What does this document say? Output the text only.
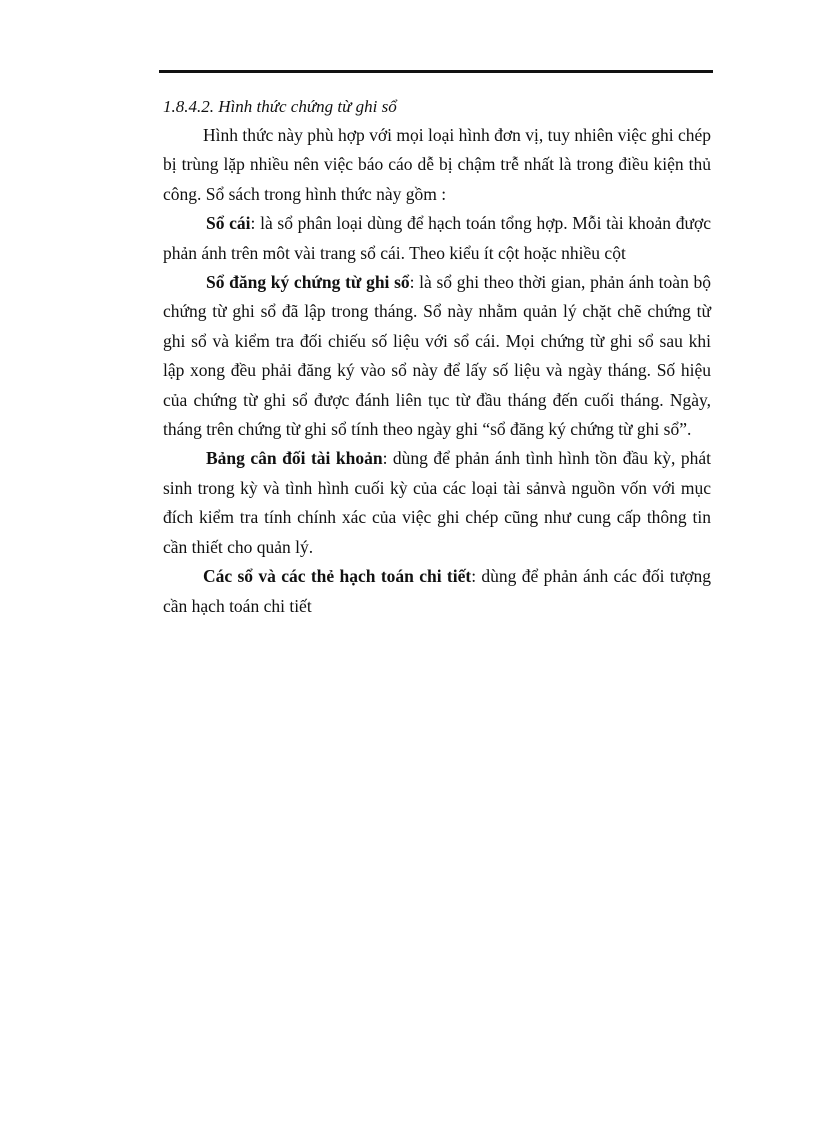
1.8.4.2. Hình thức chứng từ ghi sổ

Hình thức này phù hợp với mọi loại hình đơn vị, tuy nhiên việc ghi chép bị trùng lặp nhiều nên việc báo cáo dễ bị chậm trễ nhất là trong điều kiện thủ công. Sổ sách trong hình thức này gồm :

Sổ cái: là sổ phân loại dùng để hạch toán tổng hợp. Mỗi tài khoản được phản ánh trên môt vài trang sổ cái. Theo kiểu ít cột hoặc nhiều cột

Sổ đăng ký chứng từ ghi sổ: là sổ ghi theo thời gian, phản ánh toàn bộ chứng từ ghi sổ đã lập trong tháng. Sổ này nhằm quản lý chặt chẽ chứng từ ghi sổ và kiểm tra đối chiếu số liệu với sổ cái. Mọi chứng từ ghi sổ sau khi lập xong đều phải đăng ký vào sổ này để lấy số liệu và ngày tháng. Số hiệu của chứng từ ghi sổ được đánh liên tục từ đầu tháng đến cuối tháng. Ngày, tháng trên chứng từ ghi sổ tính theo ngày ghi “sổ đăng ký chứng từ ghi sổ”.

Bảng cân đối tài khoản: dùng để phản ánh tình hình tồn đầu kỳ, phát sinh trong kỳ và tình hình cuối kỳ của các loại tài sảnvà nguồn vốn với mục đích kiểm tra tính chính xác của việc ghi chép cũng như cung cấp thông tin cần thiết cho quản lý.

Các sổ và các thẻ hạch toán chi tiết: dùng để phản ánh các đối tượng cần hạch toán chi tiết
